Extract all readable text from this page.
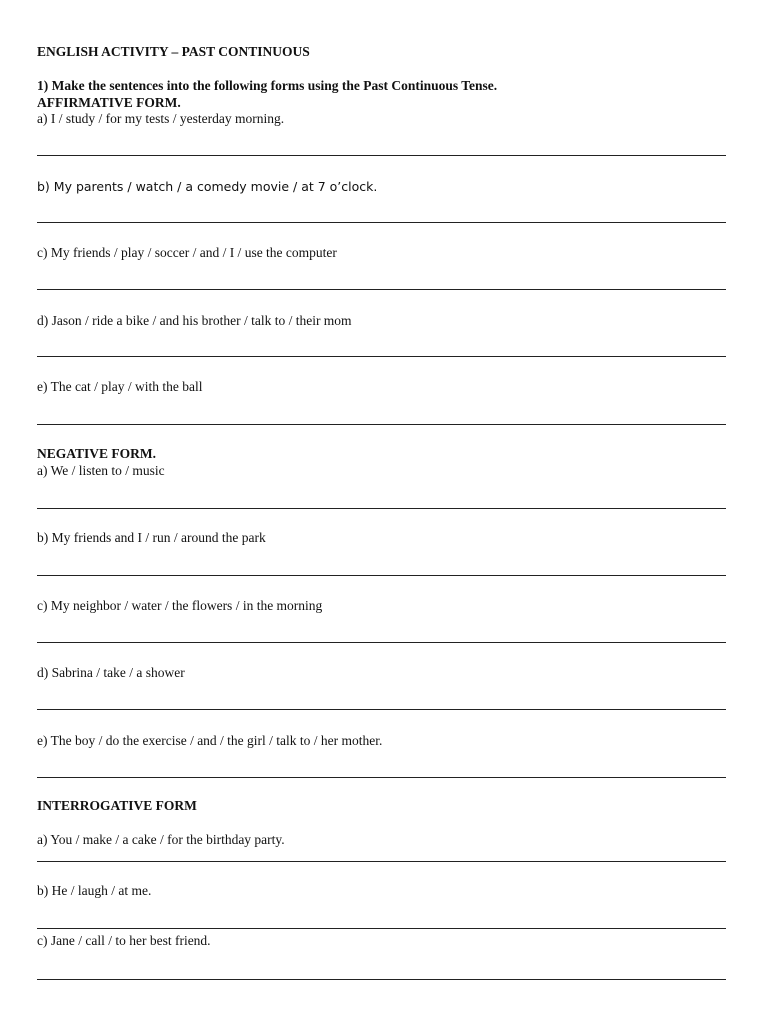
ENGLISH ACTIVITY – PAST CONTINUOUS
1) Make the sentences into the following forms using the Past Continuous Tense.
AFFIRMATIVE FORM.
a) I / study / for my tests / yesterday morning.
b) My parents / watch / a comedy movie / at 7 o’clock.
c) My friends / play / soccer / and / I / use the computer
d) Jason / ride a bike / and his brother / talk to / their mom
e) The cat / play / with the ball
NEGATIVE FORM.
a) We / listen to / music
b) My friends and I / run / around the park
c) My neighbor / water / the flowers / in the morning
d) Sabrina / take / a shower
e) The boy / do the exercise / and / the girl / talk to / her mother.
INTERROGATIVE FORM
a) You / make / a cake / for the birthday party.
b) He / laugh / at me.
c) Jane / call / to her best friend.
